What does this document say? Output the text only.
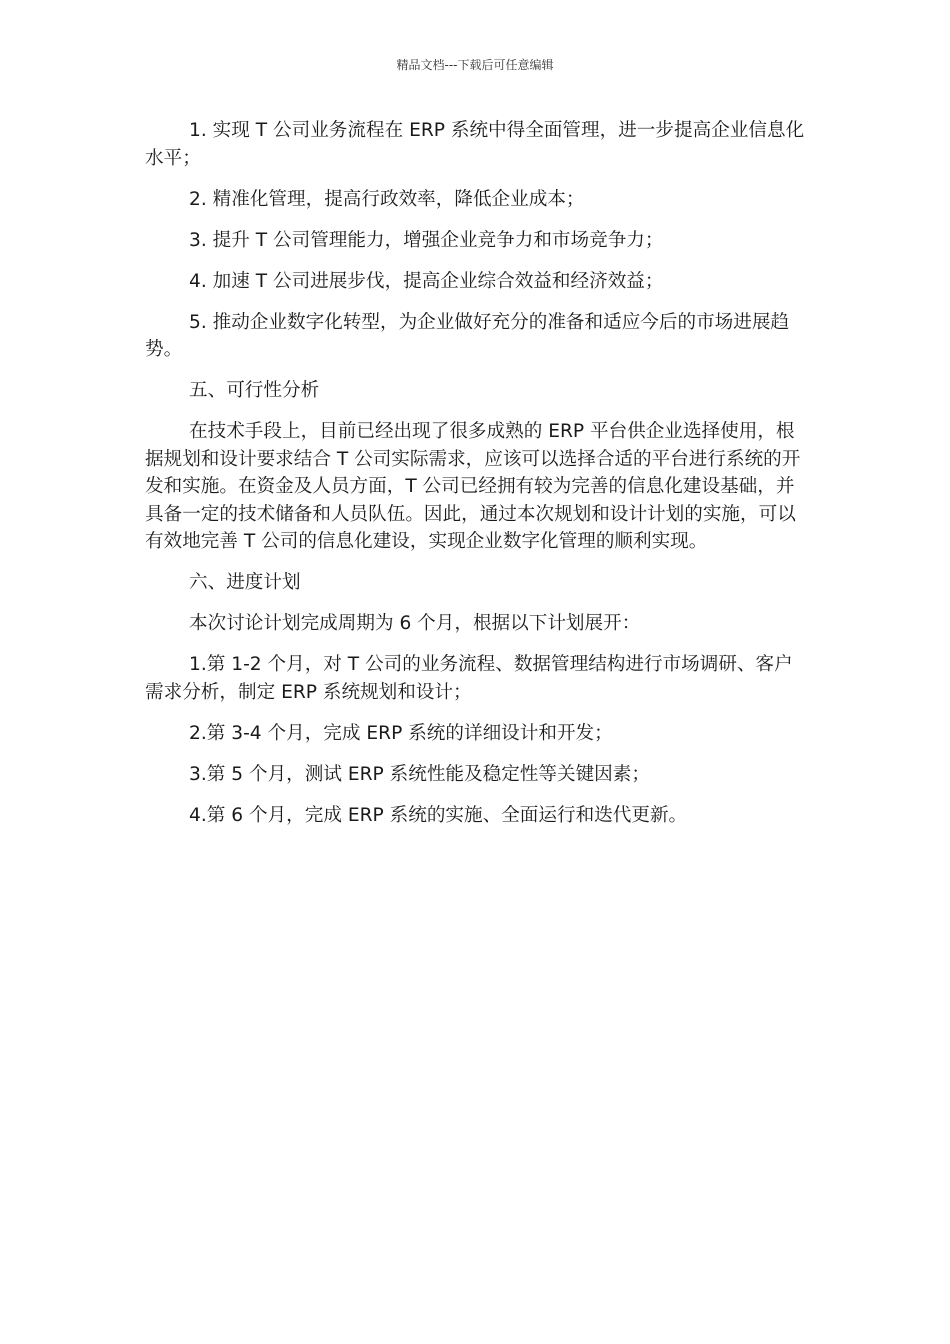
精品文档---下载后可任意编辑

1. 实现 T 公司业务流程在 ERP 系统中得全面管理，进一步提高企业信息化水平；

2. 精准化管理，提高行政效率，降低企业成本；

3. 提升 T 公司管理能力，增强企业竞争力和市场竞争力；

4. 加速 T 公司进展步伐，提高企业综合效益和经济效益；

5. 推动企业数字化转型，为企业做好充分的准备和适应今后的市场进展趋势。

五、可行性分析

在技术手段上，目前已经出现了很多成熟的 ERP 平台供企业选择使用，根据规划和设计要求结合 T 公司实际需求，应该可以选择合适的平台进行系统的开发和实施。在资金及人员方面，T 公司已经拥有较为完善的信息化建设基础，并具备一定的技术储备和人员队伍。因此，通过本次规划和设计计划的实施，可以有效地完善 T 公司的信息化建设，实现企业数字化管理的顺利实现。

六、进度计划

本次讨论计划完成周期为 6 个月，根据以下计划展开：

1.第 1-2 个月，对 T 公司的业务流程、数据管理结构进行市场调研、客户需求分析，制定 ERP 系统规划和设计；

2.第 3-4 个月，完成 ERP 系统的详细设计和开发；

3.第 5 个月，测试 ERP 系统性能及稳定性等关键因素；

4.第 6 个月，完成 ERP 系统的实施、全面运行和迭代更新。
